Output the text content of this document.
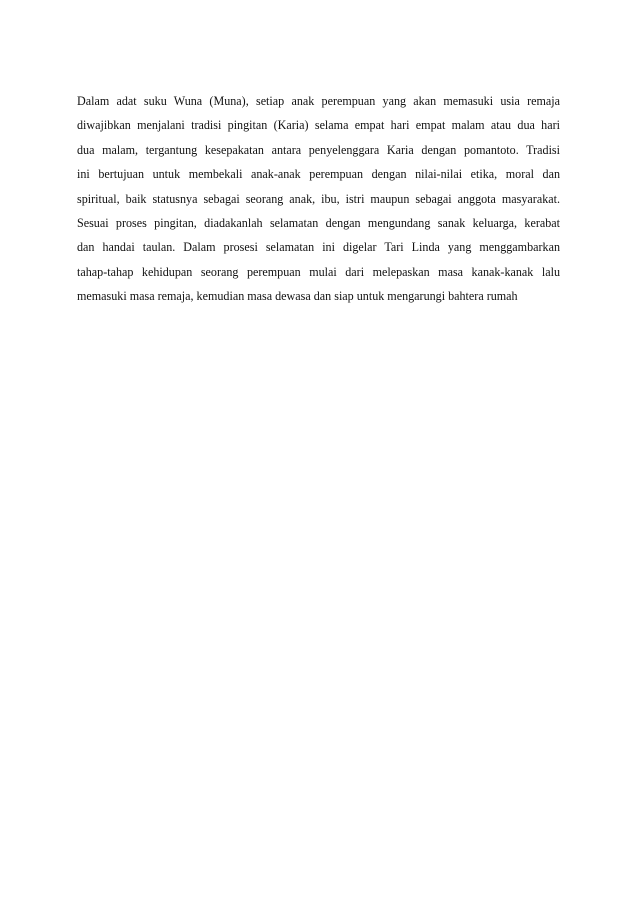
Dalam adat suku Wuna (Muna), setiap anak perempuan yang akan memasuki usia remaja
diwajibkan menjalani tradisi pingitan (Karia) selama empat hari empat malam atau dua hari
dua malam, tergantung kesepakatan antara penyelenggara Karia dengan pomantoto. Tradisi
ini bertujuan untuk membekali anak-anak perempuan dengan nilai-nilai etika, moral dan
spiritual, baik statusnya sebagai seorang anak, ibu, istri maupun sebagai anggota masyarakat.
Sesuai proses pingitan, diadakanlah selamatan dengan mengundang sanak keluarga, kerabat
dan handai taulan. Dalam prosesi selamatan ini digelar Tari Linda yang menggambarkan
tahap-tahap kehidupan seorang perempuan mulai dari melepaskan masa kanak-kanak lalu
memasuki masa remaja, kemudian masa dewasa dan siap untuk mengarungi bahtera rumah
